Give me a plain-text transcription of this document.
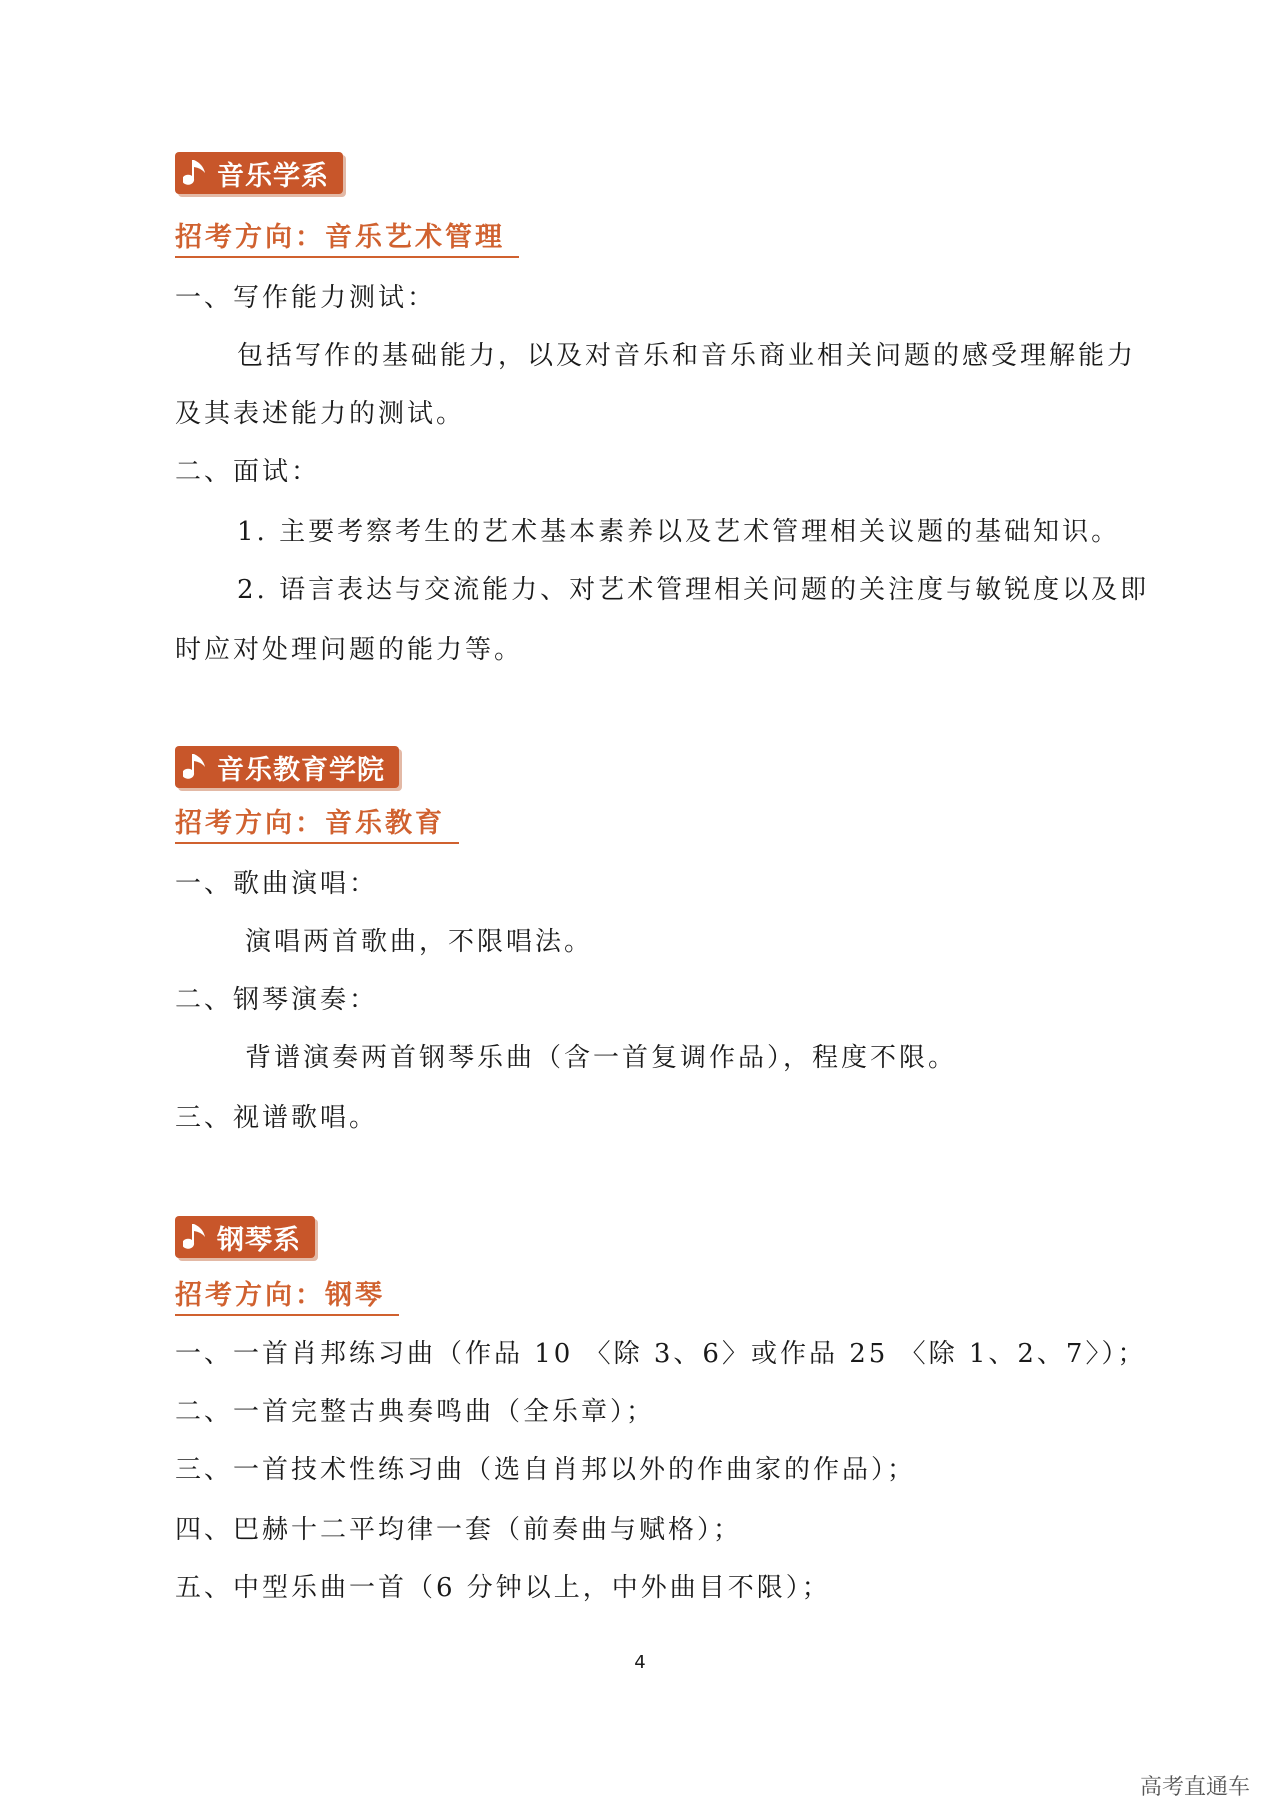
音乐学系
招考方向：音乐艺术管理
一、写作能力测试：
包括写作的基础能力，以及对音乐和音乐商业相关问题的感受理解能力
及其表述能力的测试。
二、面试：
1. 主要考察考生的艺术基本素养以及艺术管理相关议题的基础知识。
2. 语言表达与交流能力、对艺术管理相关问题的关注度与敏锐度以及即
时应对处理问题的能力等。
音乐教育学院
招考方向：音乐教育
一、歌曲演唱：
演唱两首歌曲，不限唱法。
二、钢琴演奏：
背谱演奏两首钢琴乐曲（含一首复调作品），程度不限。
三、视谱歌唱。
钢琴系
招考方向：钢琴
一、一首肖邦练习曲（作品 10 〈除 3、6〉或作品 25 〈除 1、2、7〉）；
二、一首完整古典奏鸣曲（全乐章）；
三、一首技术性练习曲（选自肖邦以外的作曲家的作品）；
四、巴赫十二平均律一套（前奏曲与赋格）；
五、中型乐曲一首（6 分钟以上，中外曲目不限）；
4
高考直通车
